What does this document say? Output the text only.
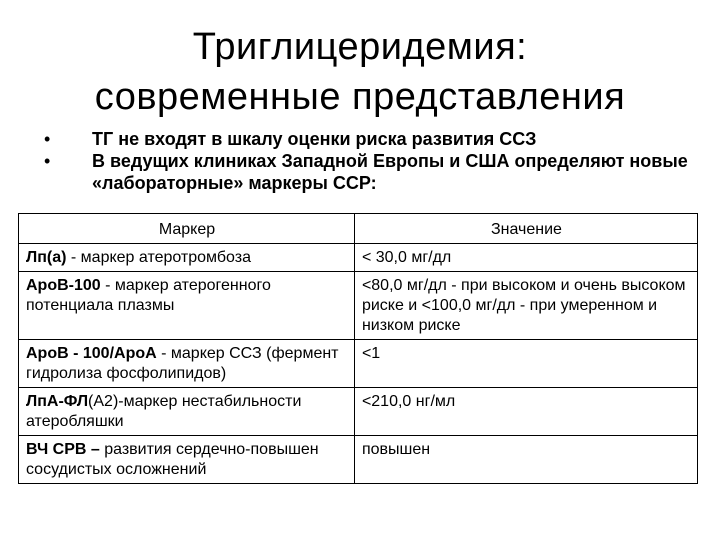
Триглицеридемия:
современные представления
• ТГ не входят в шкалу оценки риска развития ССЗ
• В ведущих клиниках Западной Европы и США определяют новые «лабораторные» маркеры ССР:
Маркер	Значение
Лп(а) - маркер атеротромбоза	< 30,0 мг/дл
АроВ-100 - маркер атерогенного потенциала плазмы	<80,0 мг/дл - при высоком и очень высоком риске и <100,0 мг/дл - при умеренном и низком риске
АроВ - 100/АроА - маркер ССЗ (фермент гидролиза фосфолипидов)	<1
ЛпА-ФЛ(А2)-маркер нестабильности атеробляшки	<210,0 нг/мл
ВЧ СРВ – развития сердечно-повышен сосудистых осложнений	повышен
